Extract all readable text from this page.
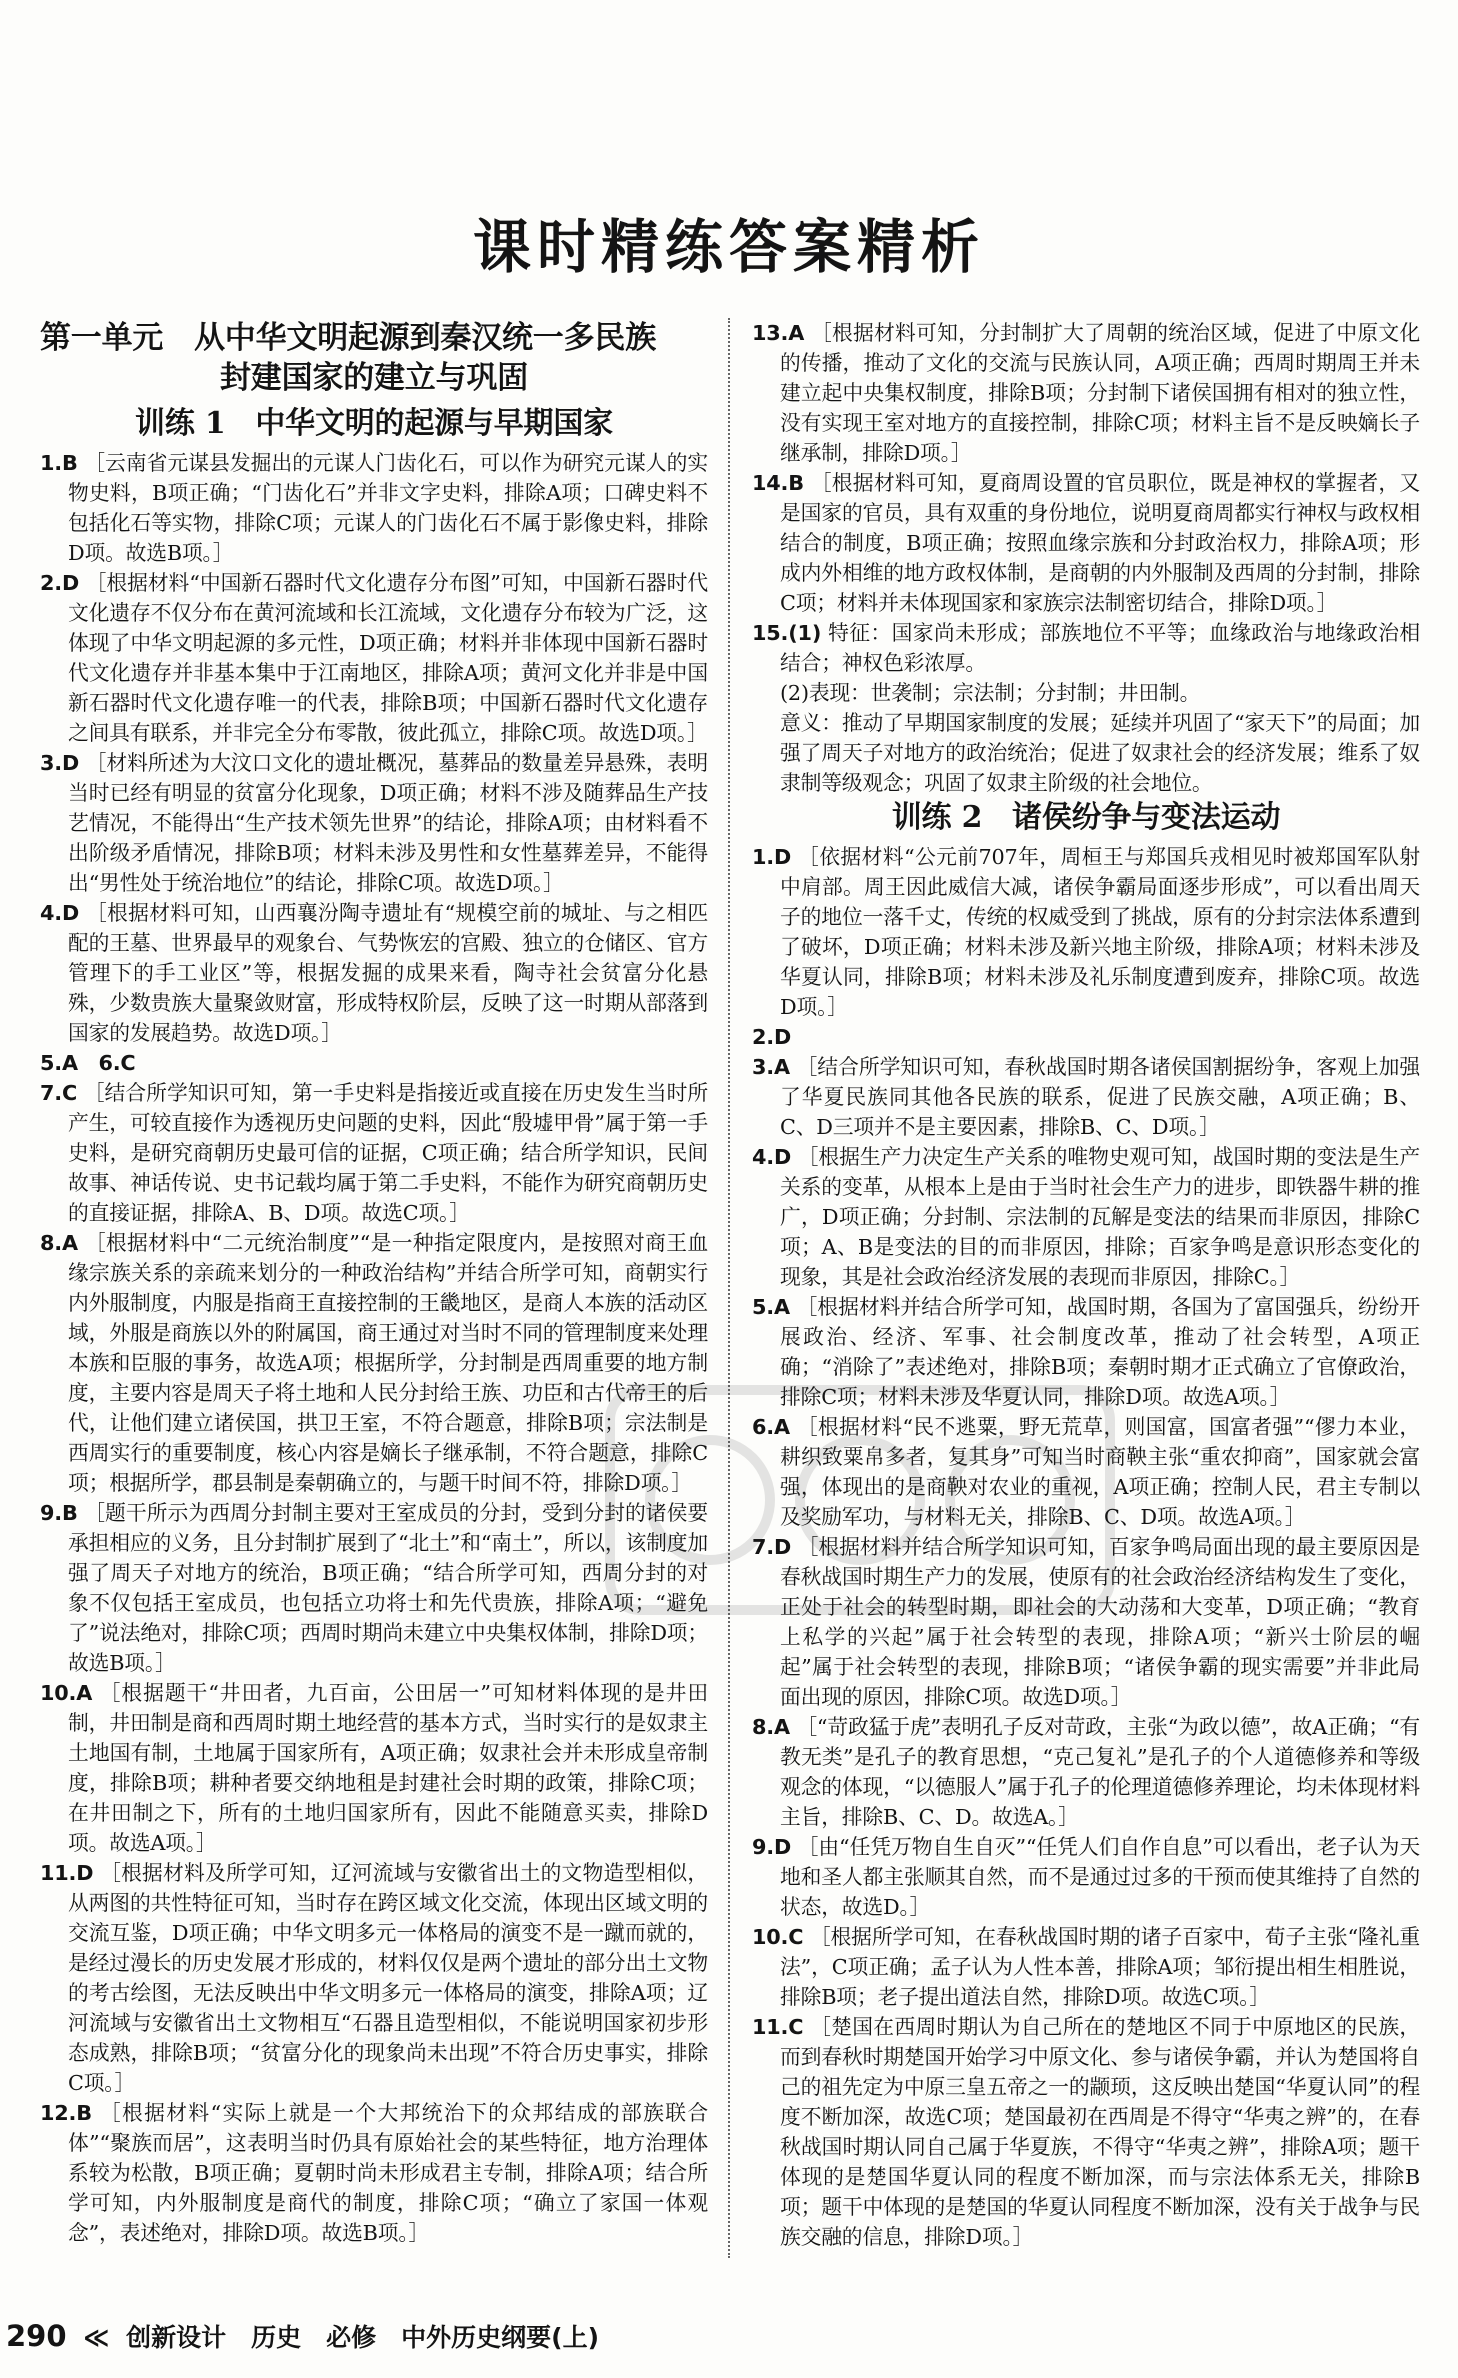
课时精练答案精析
第一单元　从中华文明起源到秦汉统一多民族
封建国家的建立与巩固
训练 1　中华文明的起源与早期国家

1.B ［云南省元谋县发掘出的元谋人门齿化石，可以作为研究元谋人的实物史料，B项正确；“门齿化石”并非文字史料，排除A项；口碑史料不包括化石等实物，排除C项；元谋人的门齿化石不属于影像史料，排除D项。故选B项。］

2.D ［根据材料“中国新石器时代文化遗存分布图”可知，中国新石器时代文化遗存不仅分布在黄河流域和长江流域，文化遗存分布较为广泛，这体现了中华文明起源的多元性，D项正确；材料并非体现中国新石器时代文化遗存并非基本集中于江南地区，排除A项；黄河文化并非是中国新石器时代文化遗存唯一的代表，排除B项；中国新石器时代文化遗存之间具有联系，并非完全分布零散，彼此孤立，排除C项。故选D项。］

3.D ［材料所述为大汶口文化的遗址概况，墓葬品的数量差异悬殊，表明当时已经有明显的贫富分化现象，D项正确；材料不涉及随葬品生产技艺情况，不能得出“生产技术领先世界”的结论，排除A项；由材料看不出阶级矛盾情况，排除B项；材料未涉及男性和女性墓葬差异，不能得出“男性处于统治地位”的结论，排除C项。故选D项。］

4.D ［根据材料可知，山西襄汾陶寺遗址有“规模空前的城址、与之相匹配的王墓、世界最早的观象台、气势恢宏的宫殿、独立的仓储区、官方管理下的手工业区”等，根据发掘的成果来看，陶寺社会贫富分化悬殊，少数贵族大量聚敛财富，形成特权阶层，反映了这一时期从部落到国家的发展趋势。故选D项。］

5.A　6.C

7.C ［结合所学知识可知，第一手史料是指接近或直接在历史发生当时所产生，可较直接作为透视历史问题的史料，因此“殷墟甲骨”属于第一手史料，是研究商朝历史最可信的证据，C项正确；结合所学知识，民间故事、神话传说、史书记载均属于第二手史料，不能作为研究商朝历史的直接证据，排除A、B、D项。故选C项。］

8.A ［根据材料中“二元统治制度”“是一种指定限度内，是按照对商王血缘宗族关系的亲疏来划分的一种政治结构”并结合所学可知，商朝实行内外服制度，内服是指商王直接控制的王畿地区，是商人本族的活动区域，外服是商族以外的附属国，商王通过对当时不同的管理制度来处理本族和臣服的事务，故选A项；根据所学，分封制是西周重要的地方制度，主要内容是周天子将土地和人民分封给王族、功臣和古代帝王的后代，让他们建立诸侯国，拱卫王室，不符合题意，排除B项；宗法制是西周实行的重要制度，核心内容是嫡长子继承制，不符合题意，排除C项；根据所学，郡县制是秦朝确立的，与题干时间不符，排除D项。］

9.B ［题干所示为西周分封制主要对王室成员的分封，受到分封的诸侯要承担相应的义务，且分封制扩展到了“北土”和“南土”，所以，该制度加强了周天子对地方的统治，B项正确；“结合所学可知，西周分封的对象不仅包括王室成员，也包括立功将士和先代贵族，排除A项；“避免了”说法绝对，排除C项；西周时期尚未建立中央集权体制，排除D项；故选B项。］

10.A ［根据题干“井田者，九百亩，公田居一”可知材料体现的是井田制，井田制是商和西周时期土地经营的基本方式，当时实行的是奴隶主土地国有制，土地属于国家所有，A项正确；奴隶社会并未形成皇帝制度，排除B项；耕种者要交纳地租是封建社会时期的政策，排除C项；在井田制之下，所有的土地归国家所有，因此不能随意买卖，排除D项。故选A项。］

11.D ［根据材料及所学可知，辽河流域与安徽省出土的文物造型相似，从两图的共性特征可知，当时存在跨区域文化交流，体现出区域文明的交流互鉴，D项正确；中华文明多元一体格局的演变不是一蹴而就的，是经过漫长的历史发展才形成的，材料仅仅是两个遗址的部分出土文物的考古绘图，无法反映出中华文明多元一体格局的演变，排除A项；辽河流域与安徽省出土文物相互“石器且造型相似，不能说明国家初步形态成熟，排除B项；“贫富分化的现象尚未出现”不符合历史事实，排除C项。］

12.B ［根据材料“实际上就是一个大邦统治下的众邦结成的部族联合体”“聚族而居”，这表明当时仍具有原始社会的某些特征，地方治理体系较为松散，B项正确；夏朝时尚未形成君主专制，排除A项；结合所学可知，内外服制度是商代的制度，排除C项；“确立了家国一体观念”，表述绝对，排除D项。故选B项。］

13.A ［根据材料可知，分封制扩大了周朝的统治区域，促进了中原文化的传播，推动了文化的交流与民族认同，A项正确；西周时期周王并未建立起中央集权制度，排除B项；分封制下诸侯国拥有相对的独立性，没有实现王室对地方的直接控制，排除C项；材料主旨不是反映嫡长子继承制，排除D项。］

14.B ［根据材料可知，夏商周设置的官员职位，既是神权的掌握者，又是国家的官员，具有双重的身份地位，说明夏商周都实行神权与政权相结合的制度，B项正确；按照血缘宗族和分封政治权力，排除A项；形成内外相维的地方政权体制，是商朝的内外服制及西周的分封制，排除C项；材料并未体现国家和家族宗法制密切结合，排除D项。］

15.(1) 特征：国家尚未形成；部族地位不平等；血缘政治与地缘政治相结合；神权色彩浓厚。

(2)表现：世袭制；宗法制；分封制；井田制。

意义：推动了早期国家制度的发展；延续并巩固了“家天下”的局面；加强了周天子对地方的政治统治；促进了奴隶社会的经济发展；维系了奴隶制等级观念；巩固了奴隶主阶级的社会地位。

训练 2　诸侯纷争与变法运动

1.D ［依据材料“公元前707年，周桓王与郑国兵戎相见时被郑国军队射中肩部。周王因此威信大减，诸侯争霸局面逐步形成”，可以看出周天子的地位一落千丈，传统的权威受到了挑战，原有的分封宗法体系遭到了破坏，D项正确；材料未涉及新兴地主阶级，排除A项；材料未涉及华夏认同，排除B项；材料未涉及礼乐制度遭到废弃，排除C项。故选D项。］

2.D

3.A ［结合所学知识可知，春秋战国时期各诸侯国割据纷争，客观上加强了华夏民族同其他各民族的联系，促进了民族交融，A项正确；B、C、D三项并不是主要因素，排除B、C、D项。］

4.D ［根据生产力决定生产关系的唯物史观可知，战国时期的变法是生产关系的变革，从根本上是由于当时社会生产力的进步，即铁器牛耕的推广，D项正确；分封制、宗法制的瓦解是变法的结果而非原因，排除C项；A、B是变法的目的而非原因，排除；百家争鸣是意识形态变化的现象，其是社会政治经济发展的表现而非原因，排除C。］

5.A ［根据材料并结合所学可知，战国时期，各国为了富国强兵，纷纷开展政治、经济、军事、社会制度改革，推动了社会转型，A项正确；“消除了”表述绝对，排除B项；秦朝时期才正式确立了官僚政治，排除C项；材料未涉及华夏认同，排除D项。故选A项。］

6.A ［根据材料“民不逃粟，野无荒草，则国富，国富者强”“僇力本业，耕织致粟帛多者，复其身”可知当时商鞅主张“重农抑商”，国家就会富强，体现出的是商鞅对农业的重视，A项正确；控制人民，君主专制以及奖励军功，与材料无关，排除B、C、D项。故选A项。］

7.D ［根据材料并结合所学知识可知，百家争鸣局面出现的最主要原因是春秋战国时期生产力的发展，使原有的社会政治经济结构发生了变化，正处于社会的转型时期，即社会的大动荡和大变革，D项正确；“教育上私学的兴起”属于社会转型的表现，排除A项；“新兴士阶层的崛起”属于社会转型的表现，排除B项；“诸侯争霸的现实需要”并非此局面出现的原因，排除C项。故选D项。］

8.A ［“苛政猛于虎”表明孔子反对苛政，主张“为政以德”，故A正确；“有教无类”是孔子的教育思想，“克己复礼”是孔子的个人道德修养和等级观念的体现，“以德服人”属于孔子的伦理道德修养理论，均未体现材料主旨，排除B、C、D。故选A。］

9.D ［由“任凭万物自生自灭”“任凭人们自作自息”可以看出，老子认为天地和圣人都主张顺其自然，而不是通过过多的干预而使其维持了自然的状态，故选D。］

10.C ［根据所学可知，在春秋战国时期的诸子百家中，荀子主张“隆礼重法”，C项正确；孟子认为人性本善，排除A项；邹衍提出相生相胜说，排除B项；老子提出道法自然，排除D项。故选C项。］

11.C ［楚国在西周时期认为自己所在的楚地区不同于中原地区的民族，而到春秋时期楚国开始学习中原文化、参与诸侯争霸，并认为楚国将自己的祖先定为中原三皇五帝之一的颛顼，这反映出楚国“华夏认同”的程度不断加深，故选C项；楚国最初在西周是不得守“华夷之辨”的，在春秋战国时期认同自己属于华夏族，不得守“华夷之辨”，排除A项；题干体现的是楚国华夏认同的程度不断加深，而与宗法体系无关，排除B项；题干中体现的是楚国的华夏认同程度不断加深，没有关于战争与民族交融的信息，排除D项。］

290 ≪ 创新设计　历史　必修　中外历史纲要(上)
